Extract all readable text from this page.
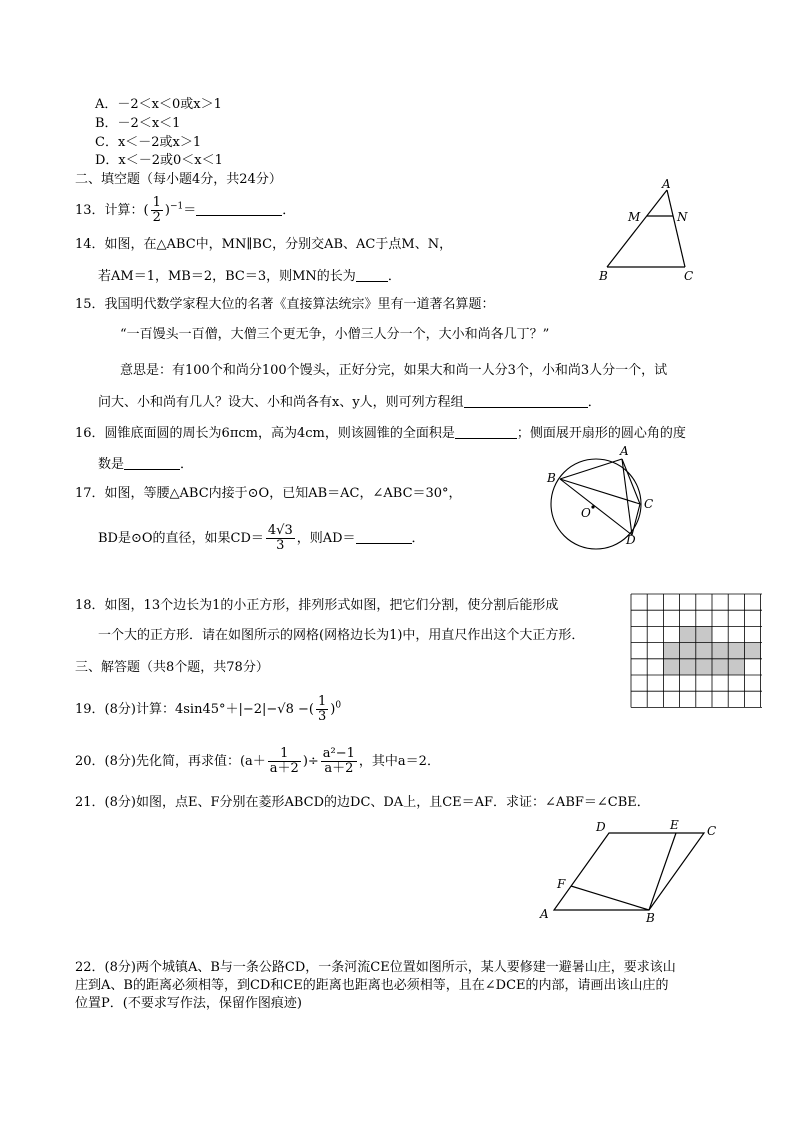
A．－2＜x＜0或x＞1
B．－2＜x＜1
C．x＜－2或x＞1
D．x＜－2或0＜x＜1
二、填空题（每小题4分，共24分）
13．计算：( $\frac{1}{2} )^{-1}=$	．
14．如图，在△ABC中，MN∥BC，分别交AB、AC于点M、N，
若AM＝1，MB＝2，BC＝3，则MN的长为 ．
A
M	N
B	C
15．我国明代数学家程大位的名著《直接算法统宗》里有一道著名算题：
“一百馒头一百僧，大僧三个更无争，小僧三人分一个，大小和尚各几丁？”
意思是：有100个和尚分100个馒头，正好分完，如果大和尚一人分3个，小和尚3人分一个，试
问大、小和尚有几人？设大、小和尚各有x、y人，则可列方程组	．
16．圆锥底面圆的周长为6πcm，高为4cm，则该圆锥的全面积是	；侧面展开扇形的圆心角的度
数是	．
17．如图，等腰△ABC内接于⊙O，已知AB＝AC，∠ABC＝30°，
BD是⊙O的直径，如果$CD= \frac{4√3}{3}$ ，则AD＝	．
A
B
O
C
D
18．如图，13个边长为1的小正方形，排列形式如图，把它们分割，使分割后能形成
一个大的正方形．请在如图所示的网格(网格边长为1)中，用直尺作出这个大正方形．
三、解答题（共8个题，共78分）
19．(8分)计算：4sin45°＋|−2|−√8 −( $\frac{1}{3} )^0$
20．(8分)先化简，再求值：($a+ \frac{1}{a+2}$ )÷ $\frac{\text{a²−1}}{a+2}$ ，其中a＝2．
21．(8分)如图，点E、F分别在菱形ABCD的边DC、DA上，且CE＝AF．求证：∠ABF＝∠CBE．
D	E C
F
A	B
22．(8分)两个城镇A、B与一条公路CD，一条河流CE位置如图所示，某人要修建一避暑山庄，要求该山
庄到A、B的距离必须相等，到CD和CE的距离也距离也必须相等，且在∠DCE的内部，请画出该山庄的
位置P．(不要求写作法，保留作图痕迹)
